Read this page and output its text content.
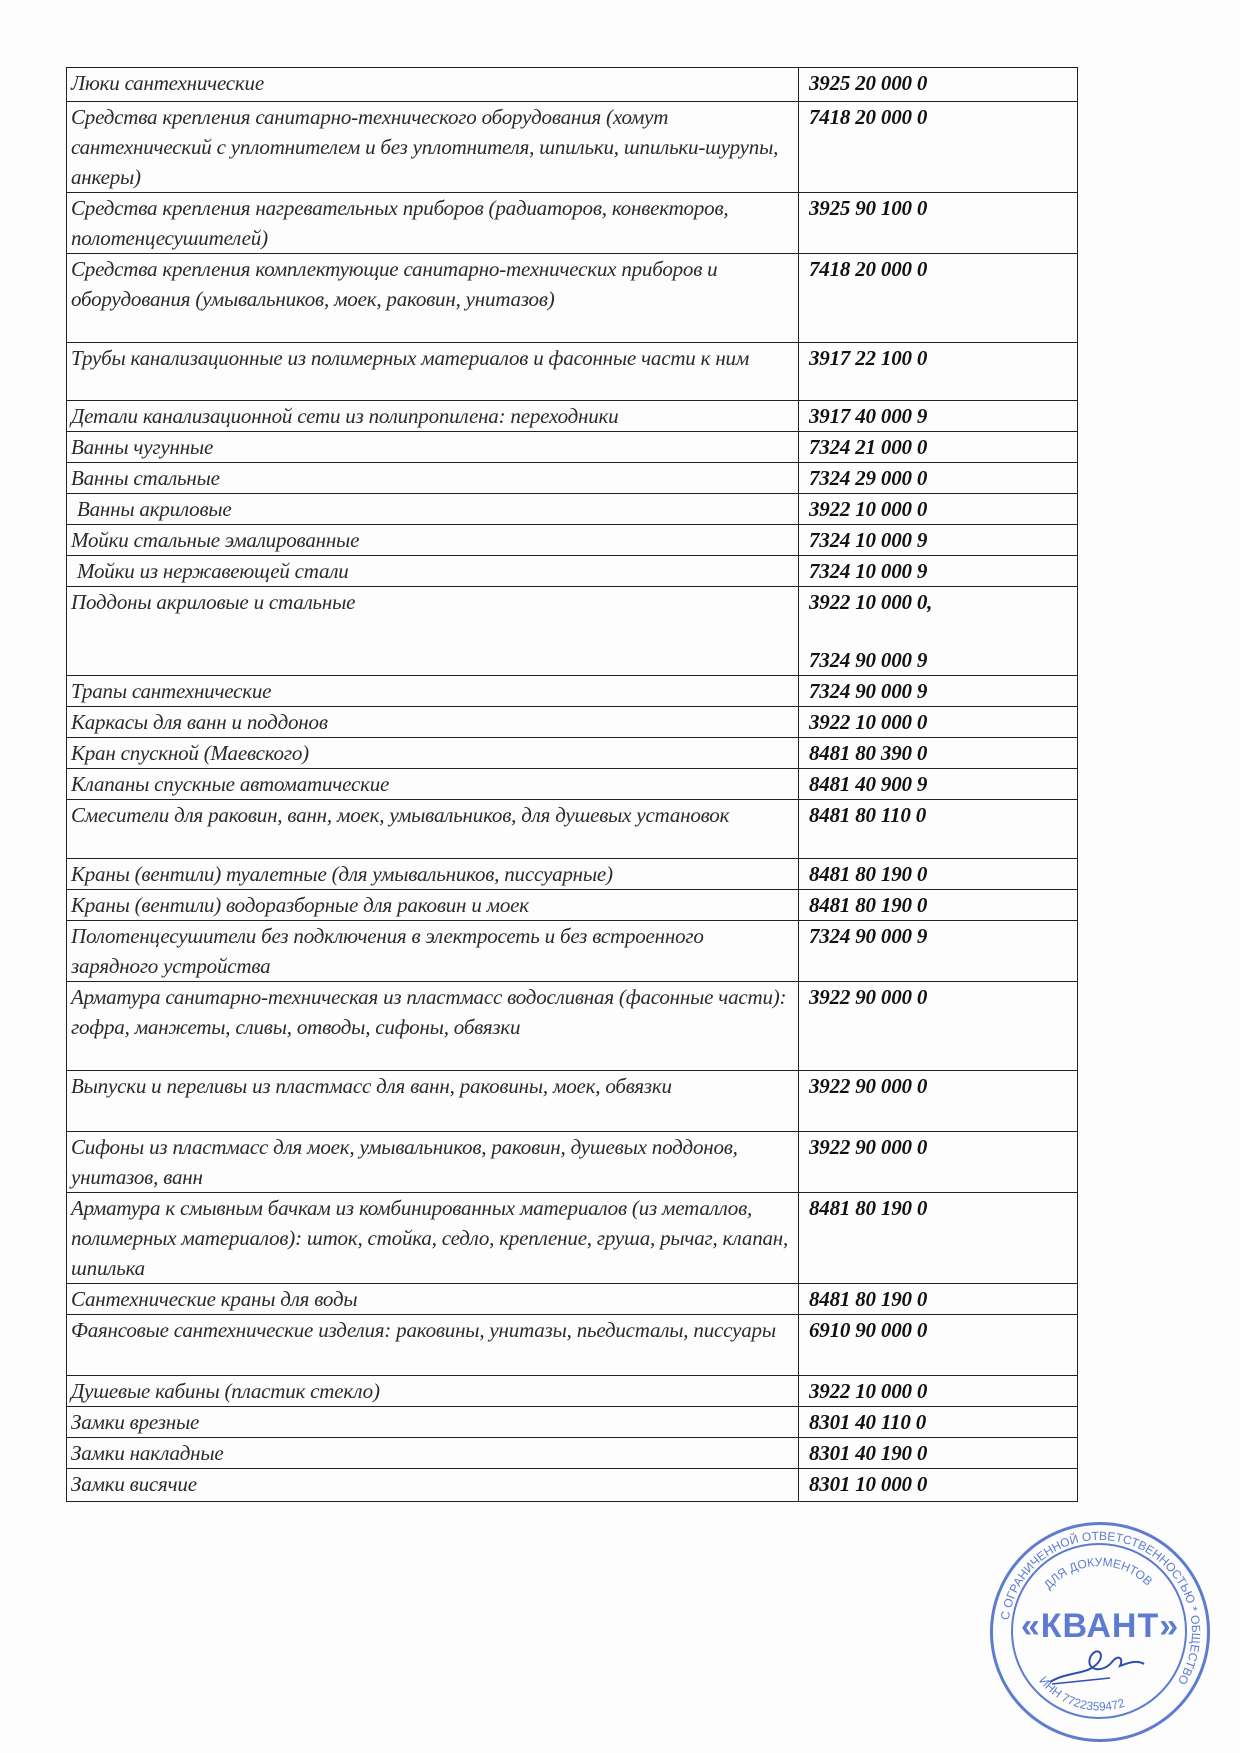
Люки сантехнические	3925 20 000 0

Средства крепления санитарно-технического оборудования (хомут сантехнический с уплотнителем и без уплотнителя, шпильки, шпильки-шурупы, анкеры)	7418 20 000 0

Средства крепления нагревательных приборов (радиаторов, конвекторов, полотенцесушителей)	3925 90 100 0

Средства крепления комплектующие санитарно-технических приборов и оборудования (умывальников, моек, раковин, унитазов)	7418 20 000 0

Трубы канализационные из полимерных материалов и фасонные части к ним	3917 22 100 0

Детали канализационной сети из полипропилена: переходники	3917 40 000 9

Ванны чугунные	7324 21 000 0

Ванны стальные	7324 29 000 0

Ванны акриловые	3922 10 000 0

Мойки стальные эмалированные	7324 10 000 9

Мойки из нержавеющей стали	7324 10 000 9

Поддоны акриловые и стальные	3922 10 000 0,
7324 90 000 9

Трапы сантехнические	7324 90 000 9

Каркасы для ванн и поддонов	3922 10 000 0

Кран спускной (Маевского)	8481 80 390 0

Клапаны спускные автоматические	8481 40 900 9

Смесители для раковин, ванн, моек, умывальников, для душевых установок	8481 80 110 0

Краны (вентили) туалетные (для умывальников, писсуарные)	8481 80 190 0

Краны (вентили) водоразборные для раковин и моек	8481 80 190 0

Полотенцесушители без подключения в электросеть и без встроенного зарядного устройства	7324 90 000 9

Арматура санитарно-техническая из пластмасс водосливная (фасонные части): гофра, манжеты, сливы, отводы, сифоны, обвязки	3922 90 000 0

Выпуски и переливы из пластмасс для ванн, раковины, моек, обвязки	3922 90 000 0

Сифоны из пластмасс для моек, умывальников, раковин, душевых поддонов, унитазов, ванн	3922 90 000 0

Арматура к смывным бачкам из комбинированных материалов (из металлов, полимерных материалов): шток, стойка, седло, крепление, груша, рычаг, клапан, шпилька	8481 80 190 0

Сантехнические краны для воды	8481 80 190 0

Фаянсовые сантехнические изделия: раковины, унитазы, пьедисталы, писсуары	6910 90 000 0

Душевые кабины (пластик стекло)	3922 10 000 0

Замки врезные	8301 40 110 0

Замки накладные	8301 40 190 0

Замки висячие	8301 10 000 0
С ОГРАНИЧЕННОЙ ОТВЕТСТВЕННОСТЬЮ * ОБЩЕСТВО
ДЛЯ ДОКУМЕНТОВ
ИНН 7722359472
«КВАНТ»
